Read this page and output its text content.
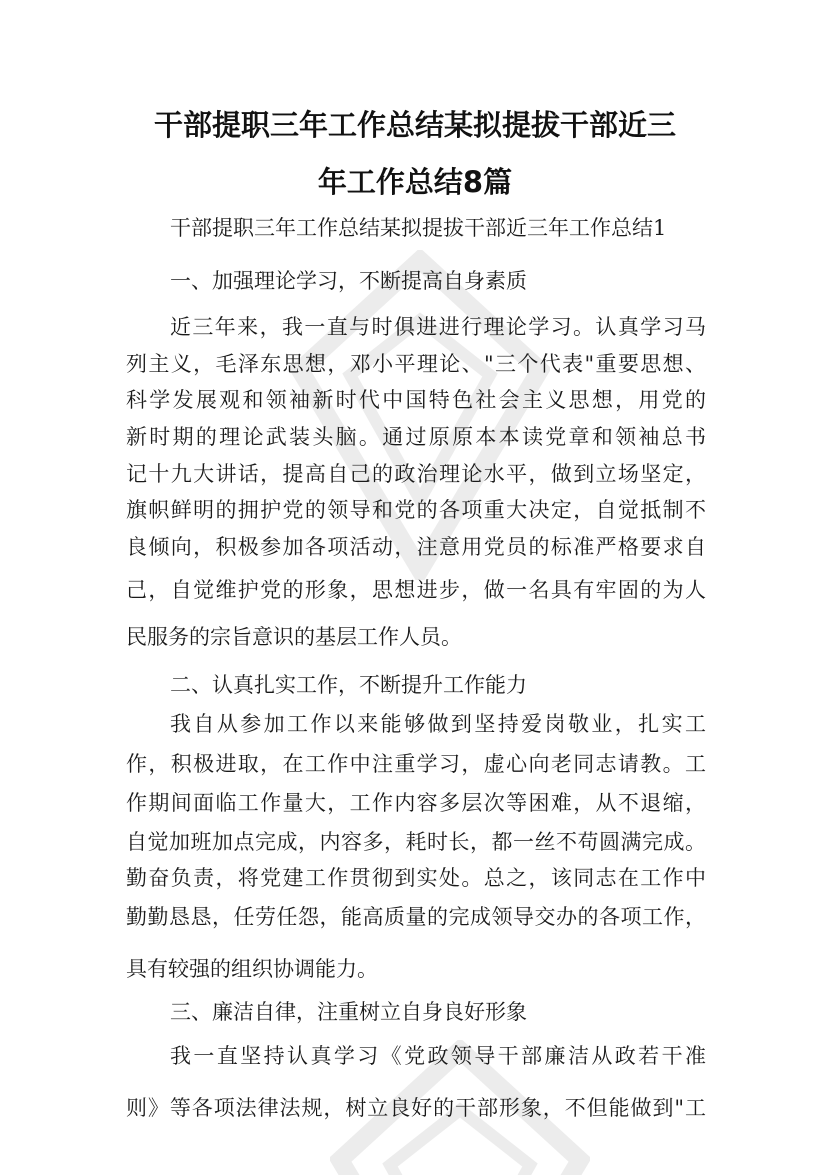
干部提职三年工作总结某拟提拔干部近三
年工作总结8篇

干部提职三年工作总结某拟提拔干部近三年工作总结1

一、加强理论学习，不断提高自身素质

近三年来，我一直与时俱进进行理论学习。认真学习马

列主义，毛泽东思想，邓小平理论、"三个代表"重要思想、

科学发展观和领袖新时代中国特色社会主义思想，用党的

新时期的理论武装头脑。通过原原本本读党章和领袖总书

记十九大讲话，提高自己的政治理论水平，做到立场坚定，

旗帜鲜明的拥护党的领导和党的各项重大决定，自觉抵制不

良倾向，积极参加各项活动，注意用党员的标准严格要求自

己，自觉维护党的形象，思想进步，做一名具有牢固的为人

民服务的宗旨意识的基层工作人员。

二、认真扎实工作，不断提升工作能力

我自从参加工作以来能够做到坚持爱岗敬业，扎实工

作，积极进取，在工作中注重学习，虚心向老同志请教。工

作期间面临工作量大，工作内容多层次等困难，从不退缩，

自觉加班加点完成，内容多，耗时长，都一丝不苟圆满完成。

勤奋负责，将党建工作贯彻到实处。总之，该同志在工作中

勤勤恳恳，任劳任怨，能高质量的完成领导交办的各项工作，

具有较强的组织协调能力。

三、廉洁自律，注重树立自身良好形象

我一直坚持认真学习《党政领导干部廉洁从政若干准

则》等各项法律法规，树立良好的干部形象，不但能做到"工
